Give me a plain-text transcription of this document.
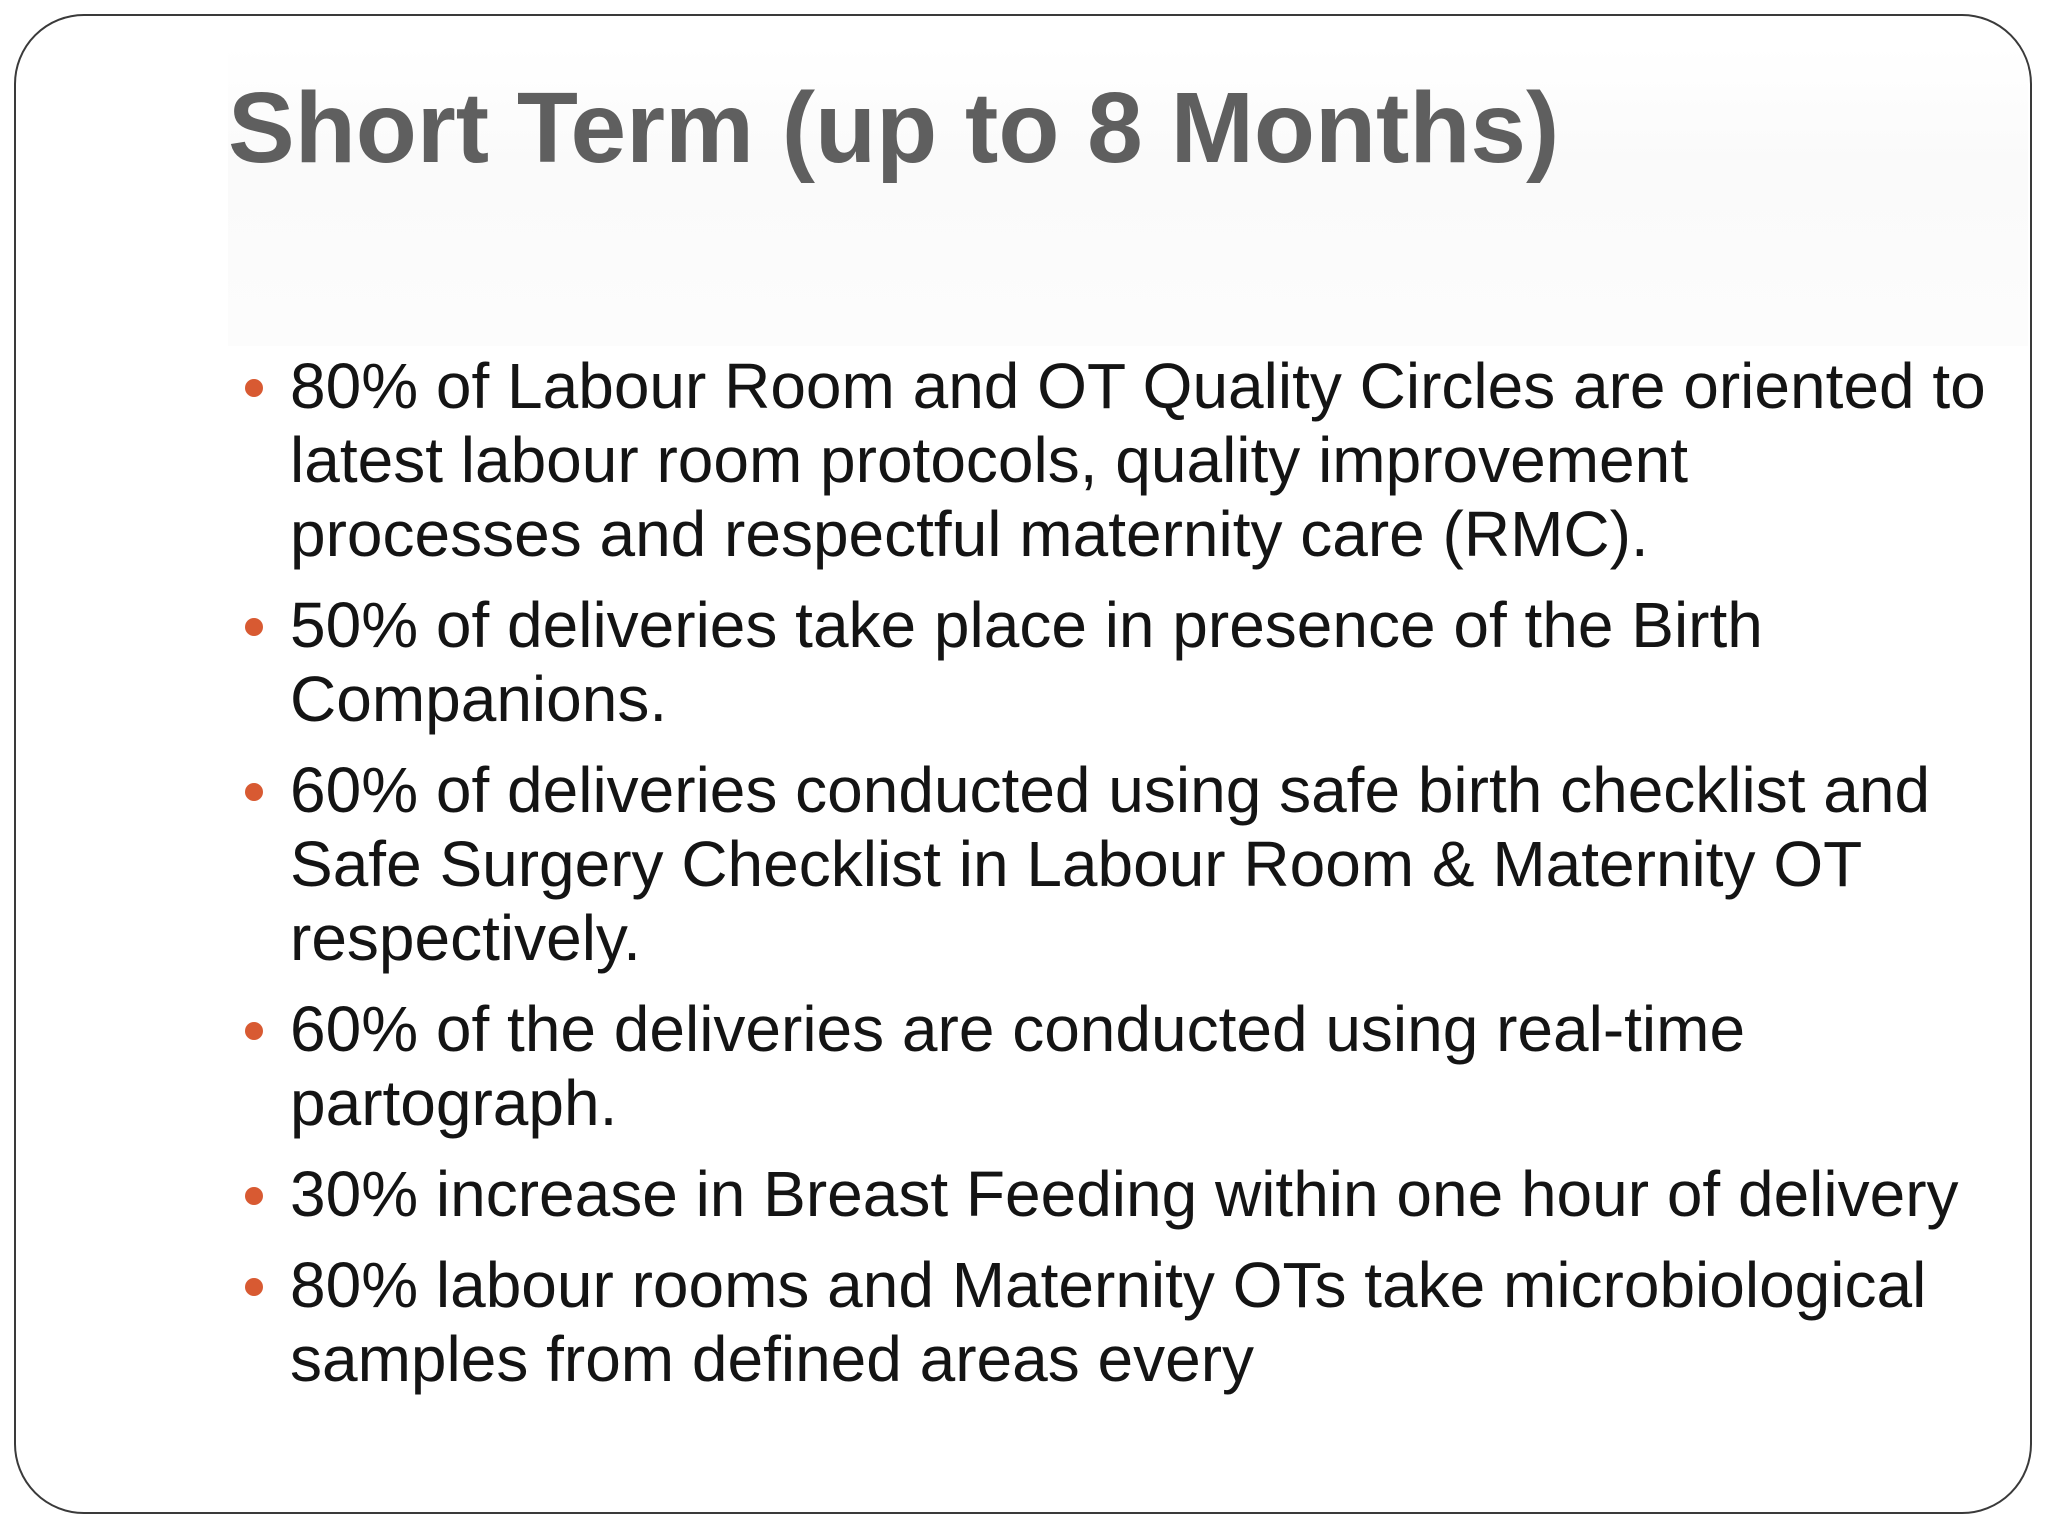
Short Term (up to 8 Months)
80% of Labour Room and OT Quality Circles are oriented to latest labour room protocols, quality improvement processes and respectful maternity care (RMC).
50% of deliveries take place in presence of the Birth Companions.
60% of deliveries conducted using safe birth checklist and Safe Surgery Checklist in Labour Room & Maternity OT respectively.
60% of the deliveries are conducted using real-time partograph.
30% increase in Breast Feeding within one hour of delivery
80% labour rooms and Maternity OTs take microbiological samples from defined areas every
